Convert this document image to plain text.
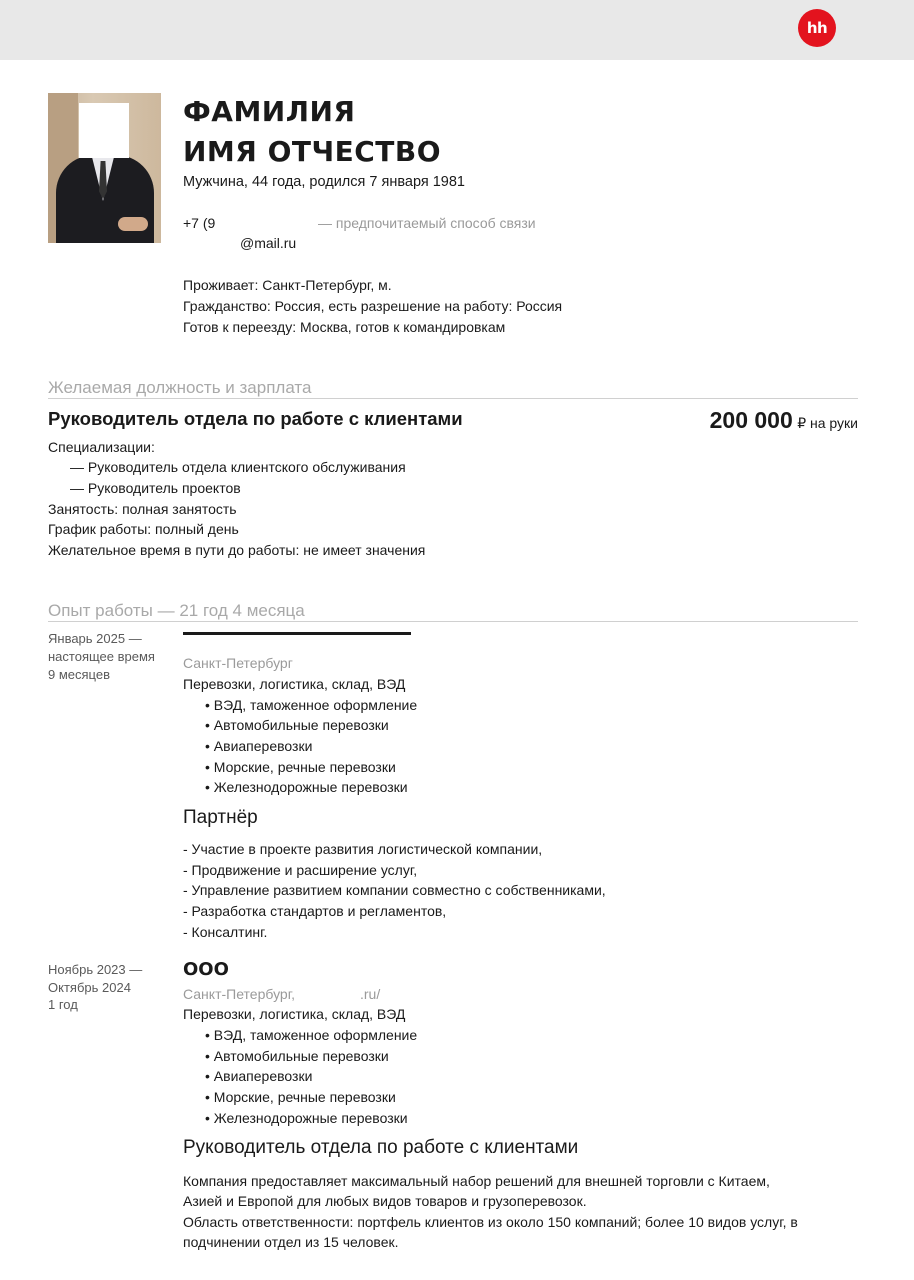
hh
ФАМИЛИЯ
ИМЯ ОТЧЕСТВО
Мужчина, 44 года, родился 7 января 1981
+7 (9	— предпочитаемый способ связи
@mail.ru
Проживает: Санкт-Петербург, м.
Гражданство: Россия, есть разрешение на работу: Россия
Готов к переезду: Москва, готов к командировкам
Желаемая должность и зарплата
Руководитель отдела по работе с клиентами	200 000 ₽ на руки
Специализации:
— Руководитель отдела клиентского обслуживания
— Руководитель проектов
Занятость: полная занятость
График работы: полный день
Желательное время в пути до работы: не имеет значения
Опыт работы — 21 год 4 месяца
Январь 2025 —
настоящее время
9 месяцев
Санкт-Петербург
Перевозки, логистика, склад, ВЭД
• ВЭД, таможенное оформление
• Автомобильные перевозки
• Авиаперевозки
• Морские, речные перевозки
• Железнодорожные перевозки
Партнёр
- Участие в проекте развития логистической компании,
- Продвижение и расширение услуг,
- Управление развитием компании совместно с собственниками,
- Разработка стандартов и регламентов,
- Консалтинг.
Ноябрь 2023 —
Октябрь 2024
1 год
ООО
Санкт-Петербург,	.ru/
Перевозки, логистика, склад, ВЭД
• ВЭД, таможенное оформление
• Автомобильные перевозки
• Авиаперевозки
• Морские, речные перевозки
• Железнодорожные перевозки
Руководитель отдела по работе с клиентами
Компания предоставляет максимальный набор решений для внешней торговли с Китаем,
Азией и Европой для любых видов товаров и грузоперевозок.
Область ответственности: портфель клиентов из около 150 компаний; более 10 видов услуг, в
подчинении отдел из 15 человек.
